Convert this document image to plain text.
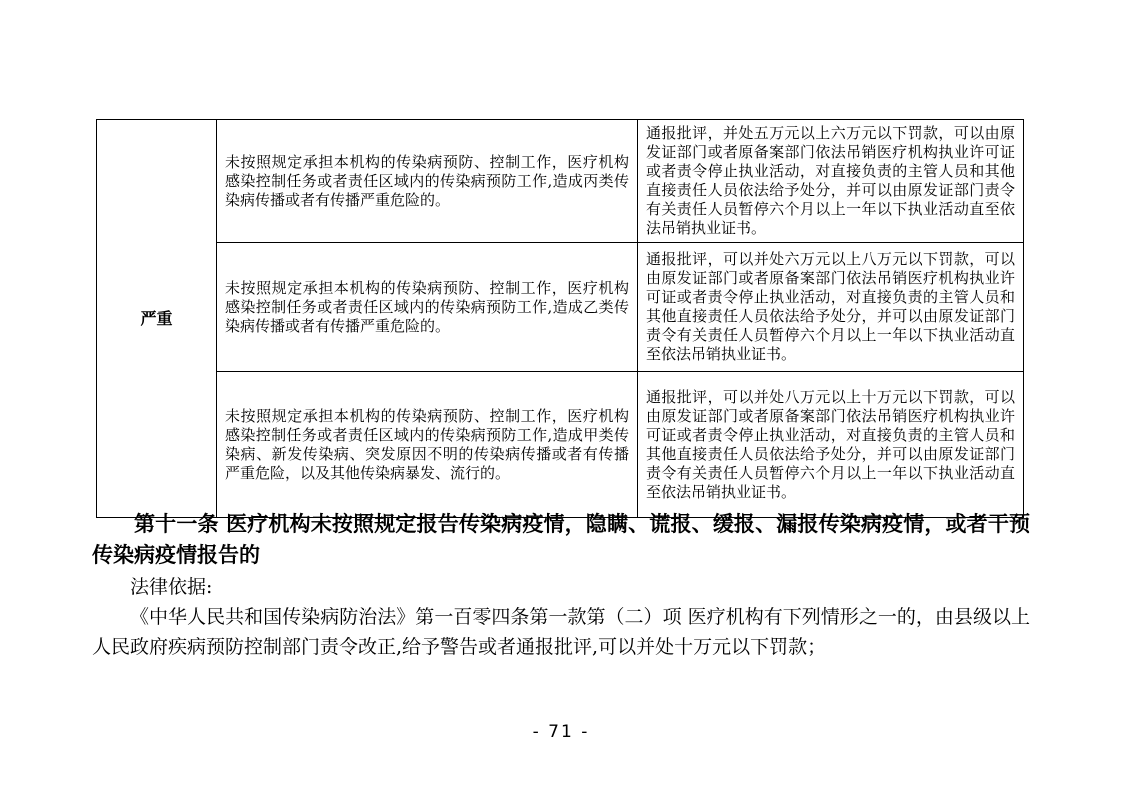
严重	未按照规定承担本机构的传染病预防、控制工作，医疗机构感染控制任务或者责任区域内的传染病预防工作,造成丙类传染病传播或者有传播严重危险的。	通报批评，并处五万元以上六万元以下罚款，可以由原发证部门或者原备案部门依法吊销医疗机构执业许可证或者责令停止执业活动，对直接负责的主管人员和其他直接责任人员依法给予处分，并可以由原发证部门责令有关责任人员暂停六个月以上一年以下执业活动直至依法吊销执业证书。
	未按照规定承担本机构的传染病预防、控制工作，医疗机构感染控制任务或者责任区域内的传染病预防工作,造成乙类传染病传播或者有传播严重危险的。	通报批评，可以并处六万元以上八万元以下罚款，可以由原发证部门或者原备案部门依法吊销医疗机构执业许可证或者责令停止执业活动，对直接负责的主管人员和其他直接责任人员依法给予处分，并可以由原发证部门责令有关责任人员暂停六个月以上一年以下执业活动直至依法吊销执业证书。
	未按照规定承担本机构的传染病预防、控制工作，医疗机构感染控制任务或者责任区域内的传染病预防工作,造成甲类传染病、新发传染病、突发原因不明的传染病传播或者有传播严重危险，以及其他传染病暴发、流行的。	通报批评，可以并处八万元以上十万元以下罚款，可以由原发证部门或者原备案部门依法吊销医疗机构执业许可证或者责令停止执业活动，对直接负责的主管人员和其他直接责任人员依法给予处分，并可以由原发证部门责令有关责任人员暂停六个月以上一年以下执业活动直至依法吊销执业证书。

第十一条 医疗机构未按照规定报告传染病疫情，隐瞒、谎报、缓报、漏报传染病疫情，或者干预传染病疫情报告的

法律依据:

《中华人民共和国传染病防治法》第一百零四条第一款第（二）项 医疗机构有下列情形之一的，由县级以上人民政府疾病预防控制部门责令改正,给予警告或者通报批评,可以并处十万元以下罚款；

- 71 -
